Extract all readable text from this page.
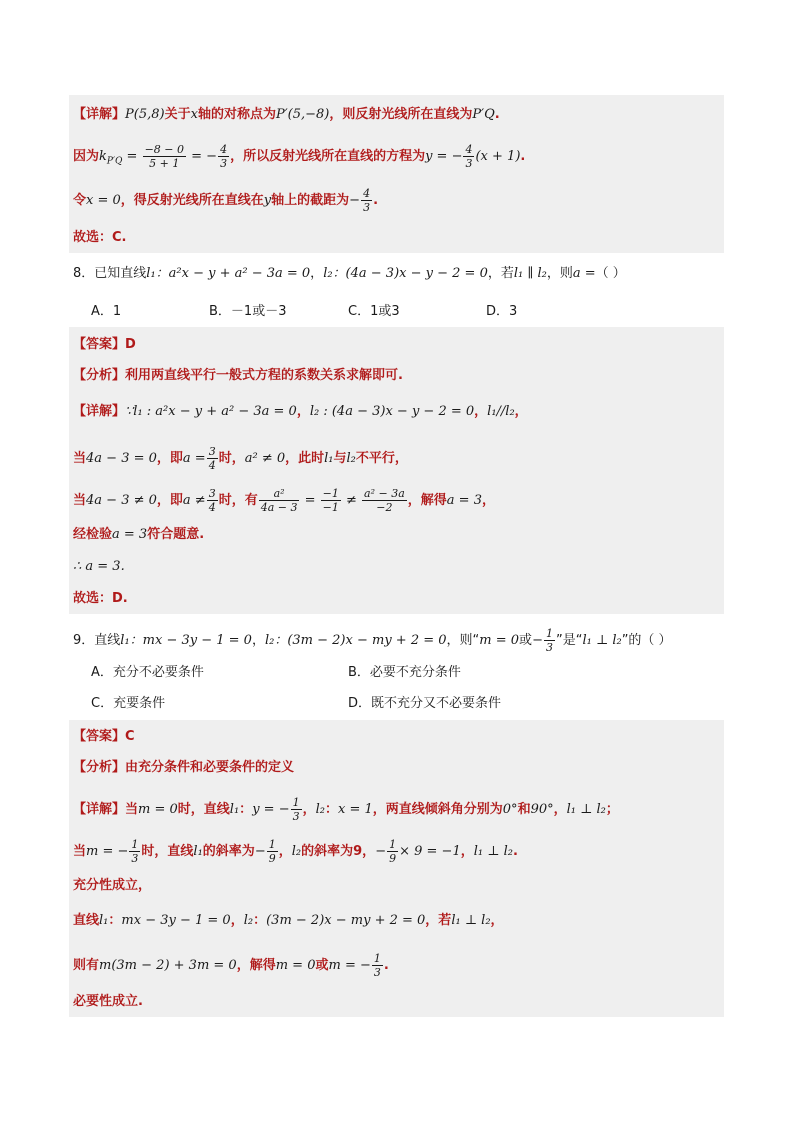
【详解】P(5,8)关于x轴的对称点为P′(5,−8)，则反射光线所在直线为P′Q.
因为$k_{P'Q} = \frac{-8 - 0}{5 + 1}$ = − $\frac{4}{3}$ ，所以反射光线所在直线的方程为y = − $\frac{4}{3} (x + 1)$.
令x = 0，得反射光线所在直线在y轴上的截距为− $\frac{4}{3}$ .
故选：C.
8．已知直线l₁：a²x − y + a² − 3a = 0，l₂：(4a − 3)x − y − 2 = 0，若l₁ ∥ l₂，则a =（ ）
A．1	B．－1或－3	C．1或3	D．3
【答案】D
【分析】利用两直线平行一般式方程的系数关系求解即可.
【详解】∵l₁ : a²x − y + a² − 3a = 0，l₂ : (4a − 3)x − y − 2 = 0，l₁//l₂，
当4a − 3 = 0，即$a = \frac{3}{4}$ 时，a² ≠ 0，此时l₁与l₂不平行，
当4a − 3 ≠ 0，即$a \ne \frac{3}{4}$ 时，有 $\frac{\text{a²}}{4a - 3} = \frac{-1}{-1} \ne \frac{\text{a² − 3a}}{-2}$ ，解得a = 3，
经检验a = 3符合题意.
∴ a = 3.
故选：D.
9．直线l₁：mx − 3y − 1 = 0，l₂：(3m − 2)x − my + 2 = 0，则“m = 0或− $\frac{1}{3}$ ”是“l₁ ⊥ l₂”的（ ）
A．充分不必要条件	B．必要不充分条件
C．充要条件	D．既不充分又不必要条件
【答案】C
【分析】由充分条件和必要条件的定义
【详解】当m = 0时，直线l₁：y = − $\frac{1}{3}$ ，l₂：x = 1，两直线倾斜角分别为0°和90°，l₁ ⊥ l₂；
当m = − $\frac{1}{3}$ 时，直线l₁的斜率为− $\frac{1}{9}$ ，l₂的斜率为9，− $\frac{1}{9} \times 9 = -1$，l₁ ⊥ l₂.
充分性成立，
直线l₁：mx − 3y − 1 = 0，l₂：(3m − 2)x − my + 2 = 0，若l₁ ⊥ l₂，
则有m(3m − 2) + 3m = 0，解得m = 0或m = − $\frac{1}{3}$ .
必要性成立.
